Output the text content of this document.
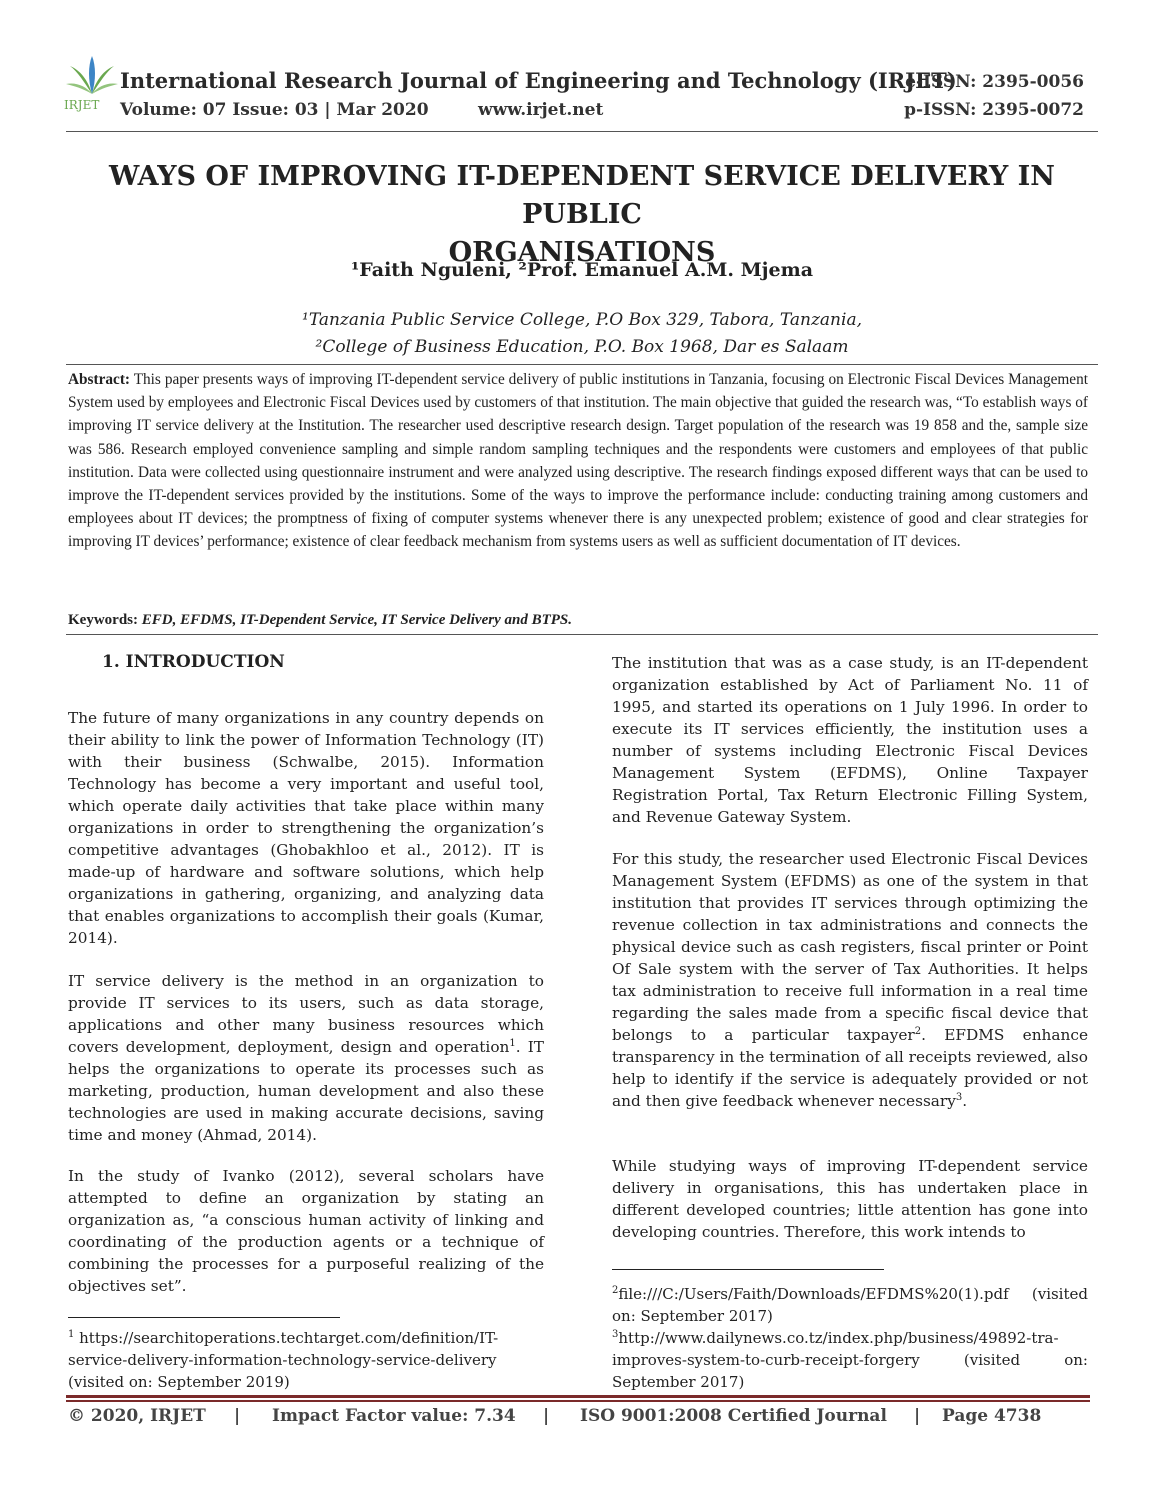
IRJET
International Research Journal of Engineering and Technology (IRJET)
Volume: 07 Issue: 03 | Mar 2020	www.irjet.net
e-ISSN: 2395-0056
p-ISSN: 2395-0072
WAYS OF IMPROVING IT-DEPENDENT SERVICE DELIVERY IN PUBLIC
ORGANISATIONS
¹Faith Nguleni, ²Prof. Emanuel A.M. Mjema
¹Tanzania Public Service College, P.O Box 329, Tabora, Tanzania,
²College of Business Education, P.O. Box 1968, Dar es Salaam
Abstract: This paper presents ways of improving IT-dependent service delivery of public institutions in Tanzania, focusing on Electronic Fiscal Devices Management System used by employees and Electronic Fiscal Devices used by customers of that institution. The main objective that guided the research was, “To establish ways of improving IT service delivery at the Institution. The researcher used descriptive research design. Target population of the research was 19 858 and the, sample size was 586. Research employed convenience sampling and simple random sampling techniques and the respondents were customers and employees of that public institution. Data were collected using questionnaire instrument and were analyzed using descriptive. The research findings exposed different ways that can be used to improve the IT-dependent services provided by the institutions. Some of the ways to improve the performance include: conducting training among customers and employees about IT devices; the promptness of fixing of computer systems whenever there is any unexpected problem; existence of good and clear strategies for improving IT devices’ performance; existence of clear feedback mechanism from systems users as well as sufficient documentation of IT devices.
Keywords: EFD, EFDMS, IT-Dependent Service, IT Service Delivery and BTPS.
1. INTRODUCTION

The future of many organizations in any country depends on their ability to link the power of Information Technology (IT) with their business (Schwalbe, 2015). Information Technology has become a very important and useful tool, which operate daily activities that take place within many organizations in order to strengthening the organization’s competitive advantages (Ghobakhloo et al., 2012). IT is made-up of hardware and software solutions, which help organizations in gathering, organizing, and analyzing data that enables organizations to accomplish their goals (Kumar, 2014).

IT service delivery is the method in an organization to provide IT services to its users, such as data storage, applications and other many business resources which covers development, deployment, design and operation$^1$. IT helps the organizations to operate its processes such as marketing, production, human development and also these technologies are used in making accurate decisions, saving time and money (Ahmad, 2014).

In the study of Ivanko (2012), several scholars have attempted to define an organization by stating an organization as, “a conscious human activity of linking and coordinating of the production agents or a technique of combining the processes for a purposeful realizing of the objectives set”.

$^1$ https://searchitoperations.techtarget.com/definition/IT-service-delivery-information-technology-service-delivery (visited on: September 2019)

The institution that was as a case study, is an IT-dependent organization established by Act of Parliament No. 11 of 1995, and started its operations on 1 July 1996. In order to execute its IT services efficiently, the institution uses a number of systems including Electronic Fiscal Devices Management System (EFDMS), Online Taxpayer Registration Portal, Tax Return Electronic Filling System, and Revenue Gateway System.

For this study, the researcher used Electronic Fiscal Devices Management System (EFDMS) as one of the system in that institution that provides IT services through optimizing the revenue collection in tax administrations and connects the physical device such as cash registers, fiscal printer or Point Of Sale system with the server of Tax Authorities. It helps tax administration to receive full information in a real time regarding the sales made from a specific fiscal device that belongs to a particular taxpayer$^2$. EFDMS enhance transparency in the termination of all receipts reviewed, also help to identify if the service is adequately provided or not and then give feedback whenever necessary$^3$.

While studying ways of improving IT-dependent service delivery in organisations, this has undertaken place in different developed countries; little attention has gone into developing countries. Therefore, this work intends to

$^2$file:///C:/Users/Faith/Downloads/EFDMS%20(1).pdf (visited on: September 2017)
$^3$http://www.dailynews.co.tz/index.php/business/49892-tra-improves-system-to-curb-receipt-forgery (visited on: September 2017)
© 2020, IRJET | Impact Factor value: 7.34 | ISO 9001:2008 Certified Journal | Page 4738
